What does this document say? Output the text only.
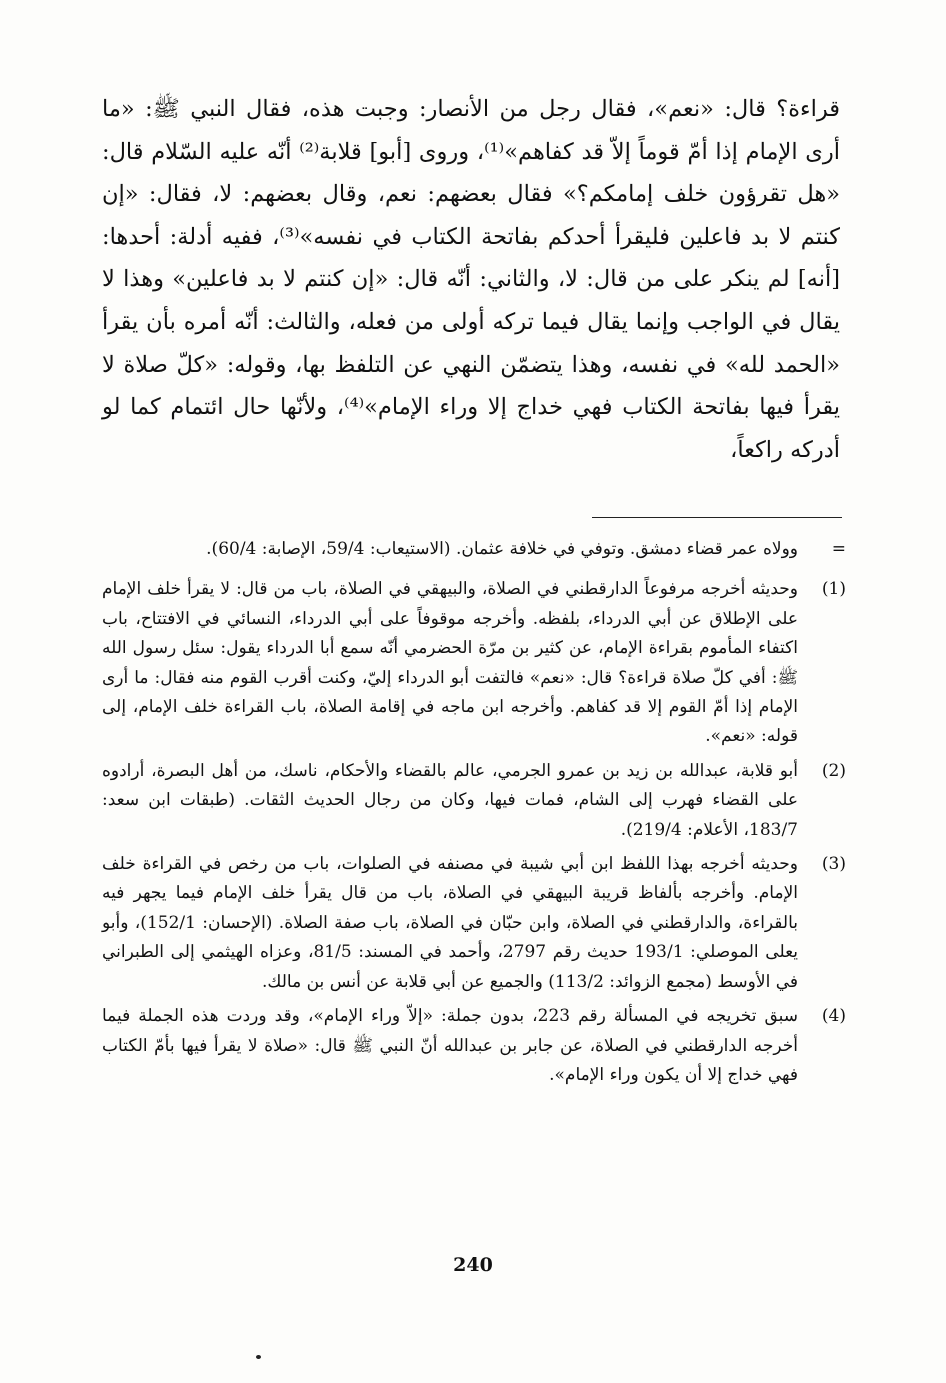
قراءة؟ قال: «نعم»، فقال رجل من الأنصار: وجبت هذه، فقال النبي ﷺ: «ما أرى الإمام إذا أمّ قوماً إلاّ قد كفاهم»⁽¹⁾، وروى [أبو] قلابة⁽²⁾ أنّه عليه السّلام قال: «هل تقرؤون خلف إمامكم؟» فقال بعضهم: نعم، وقال بعضهم: لا، فقال: «إن كنتم لا بد فاعلين فليقرأ أحدكم بفاتحة الكتاب في نفسه»⁽³⁾، ففيه أدلة: أحدها: [أنه] لم ينكر على من قال: لا، والثاني: أنّه قال: «إن كنتم لا بد فاعلين» وهذا لا يقال في الواجب وإنما يقال فيما تركه أولى من فعله، والثالث: أنّه أمره بأن يقرأ «الحمد لله» في نفسه، وهذا يتضمّن النهي عن التلفظ بها، وقوله: «كلّ صلاة لا يقرأ فيها بفاتحة الكتاب فهي خداج إلا وراء الإمام»⁽⁴⁾، ولأنّها حال ائتمام كما لو أدركه راكعاً،

=

وولاه عمر قضاء دمشق. وتوفي في خلافة عثمان. (الاستيعاب: 59/4، الإصابة: 60/4).

(1)

وحديثه أخرجه مرفوعاً الدارقطني في الصلاة، والبيهقي في الصلاة، باب من قال: لا يقرأ خلف الإمام على الإطلاق عن أبي الدرداء، بلفظه. وأخرجه موقوفاً على أبي الدرداء، النسائي في الافتتاح، باب اكتفاء المأموم بقراءة الإمام، عن كثير بن مرّة الحضرمي أنّه سمع أبا الدرداء يقول: سئل رسول الله ﷺ: أفي كلّ صلاة قراءة؟ قال: «نعم» فالتفت أبو الدرداء إليّ، وكنت أقرب القوم منه فقال: ما أرى الإمام إذا أمّ القوم إلا قد كفاهم. وأخرجه ابن ماجه في إقامة الصلاة، باب القراءة خلف الإمام، إلى قوله: «نعم».

(2)

أبو قلابة، عبدالله بن زيد بن عمرو الجرمي، عالم بالقضاء والأحكام، ناسك، من أهل البصرة، أرادوه على القضاء فهرب إلى الشام، فمات فيها، وكان من رجال الحديث الثقات. (طبقات ابن سعد: 183/7، الأعلام: 219/4).

(3)

وحديثه أخرجه بهذا اللفظ ابن أبي شيبة في مصنفه في الصلوات، باب من رخص في القراءة خلف الإمام. وأخرجه بألفاظ قريبة البيهقي في الصلاة، باب من قال يقرأ خلف الإمام فيما يجهر فيه بالقراءة، والدارقطني في الصلاة، وابن حبّان في الصلاة، باب صفة الصلاة. (الإحسان: 152/1)، وأبو يعلى الموصلي: 193/1 حديث رقم 2797، وأحمد في المسند: 81/5، وعزاه الهيثمي إلى الطبراني في الأوسط (مجمع الزوائد: 113/2) والجميع عن أبي قلابة عن أنس بن مالك.

(4)

سبق تخريجه في المسألة رقم 223، بدون جملة: «إلاّ وراء الإمام»، وقد وردت هذه الجملة فيما أخرجه الدارقطني في الصلاة، عن جابر بن عبدالله أنّ النبي ﷺ قال: «صلاة لا يقرأ فيها بأمّ الكتاب فهي خداج إلا أن يكون وراء الإمام».

240
